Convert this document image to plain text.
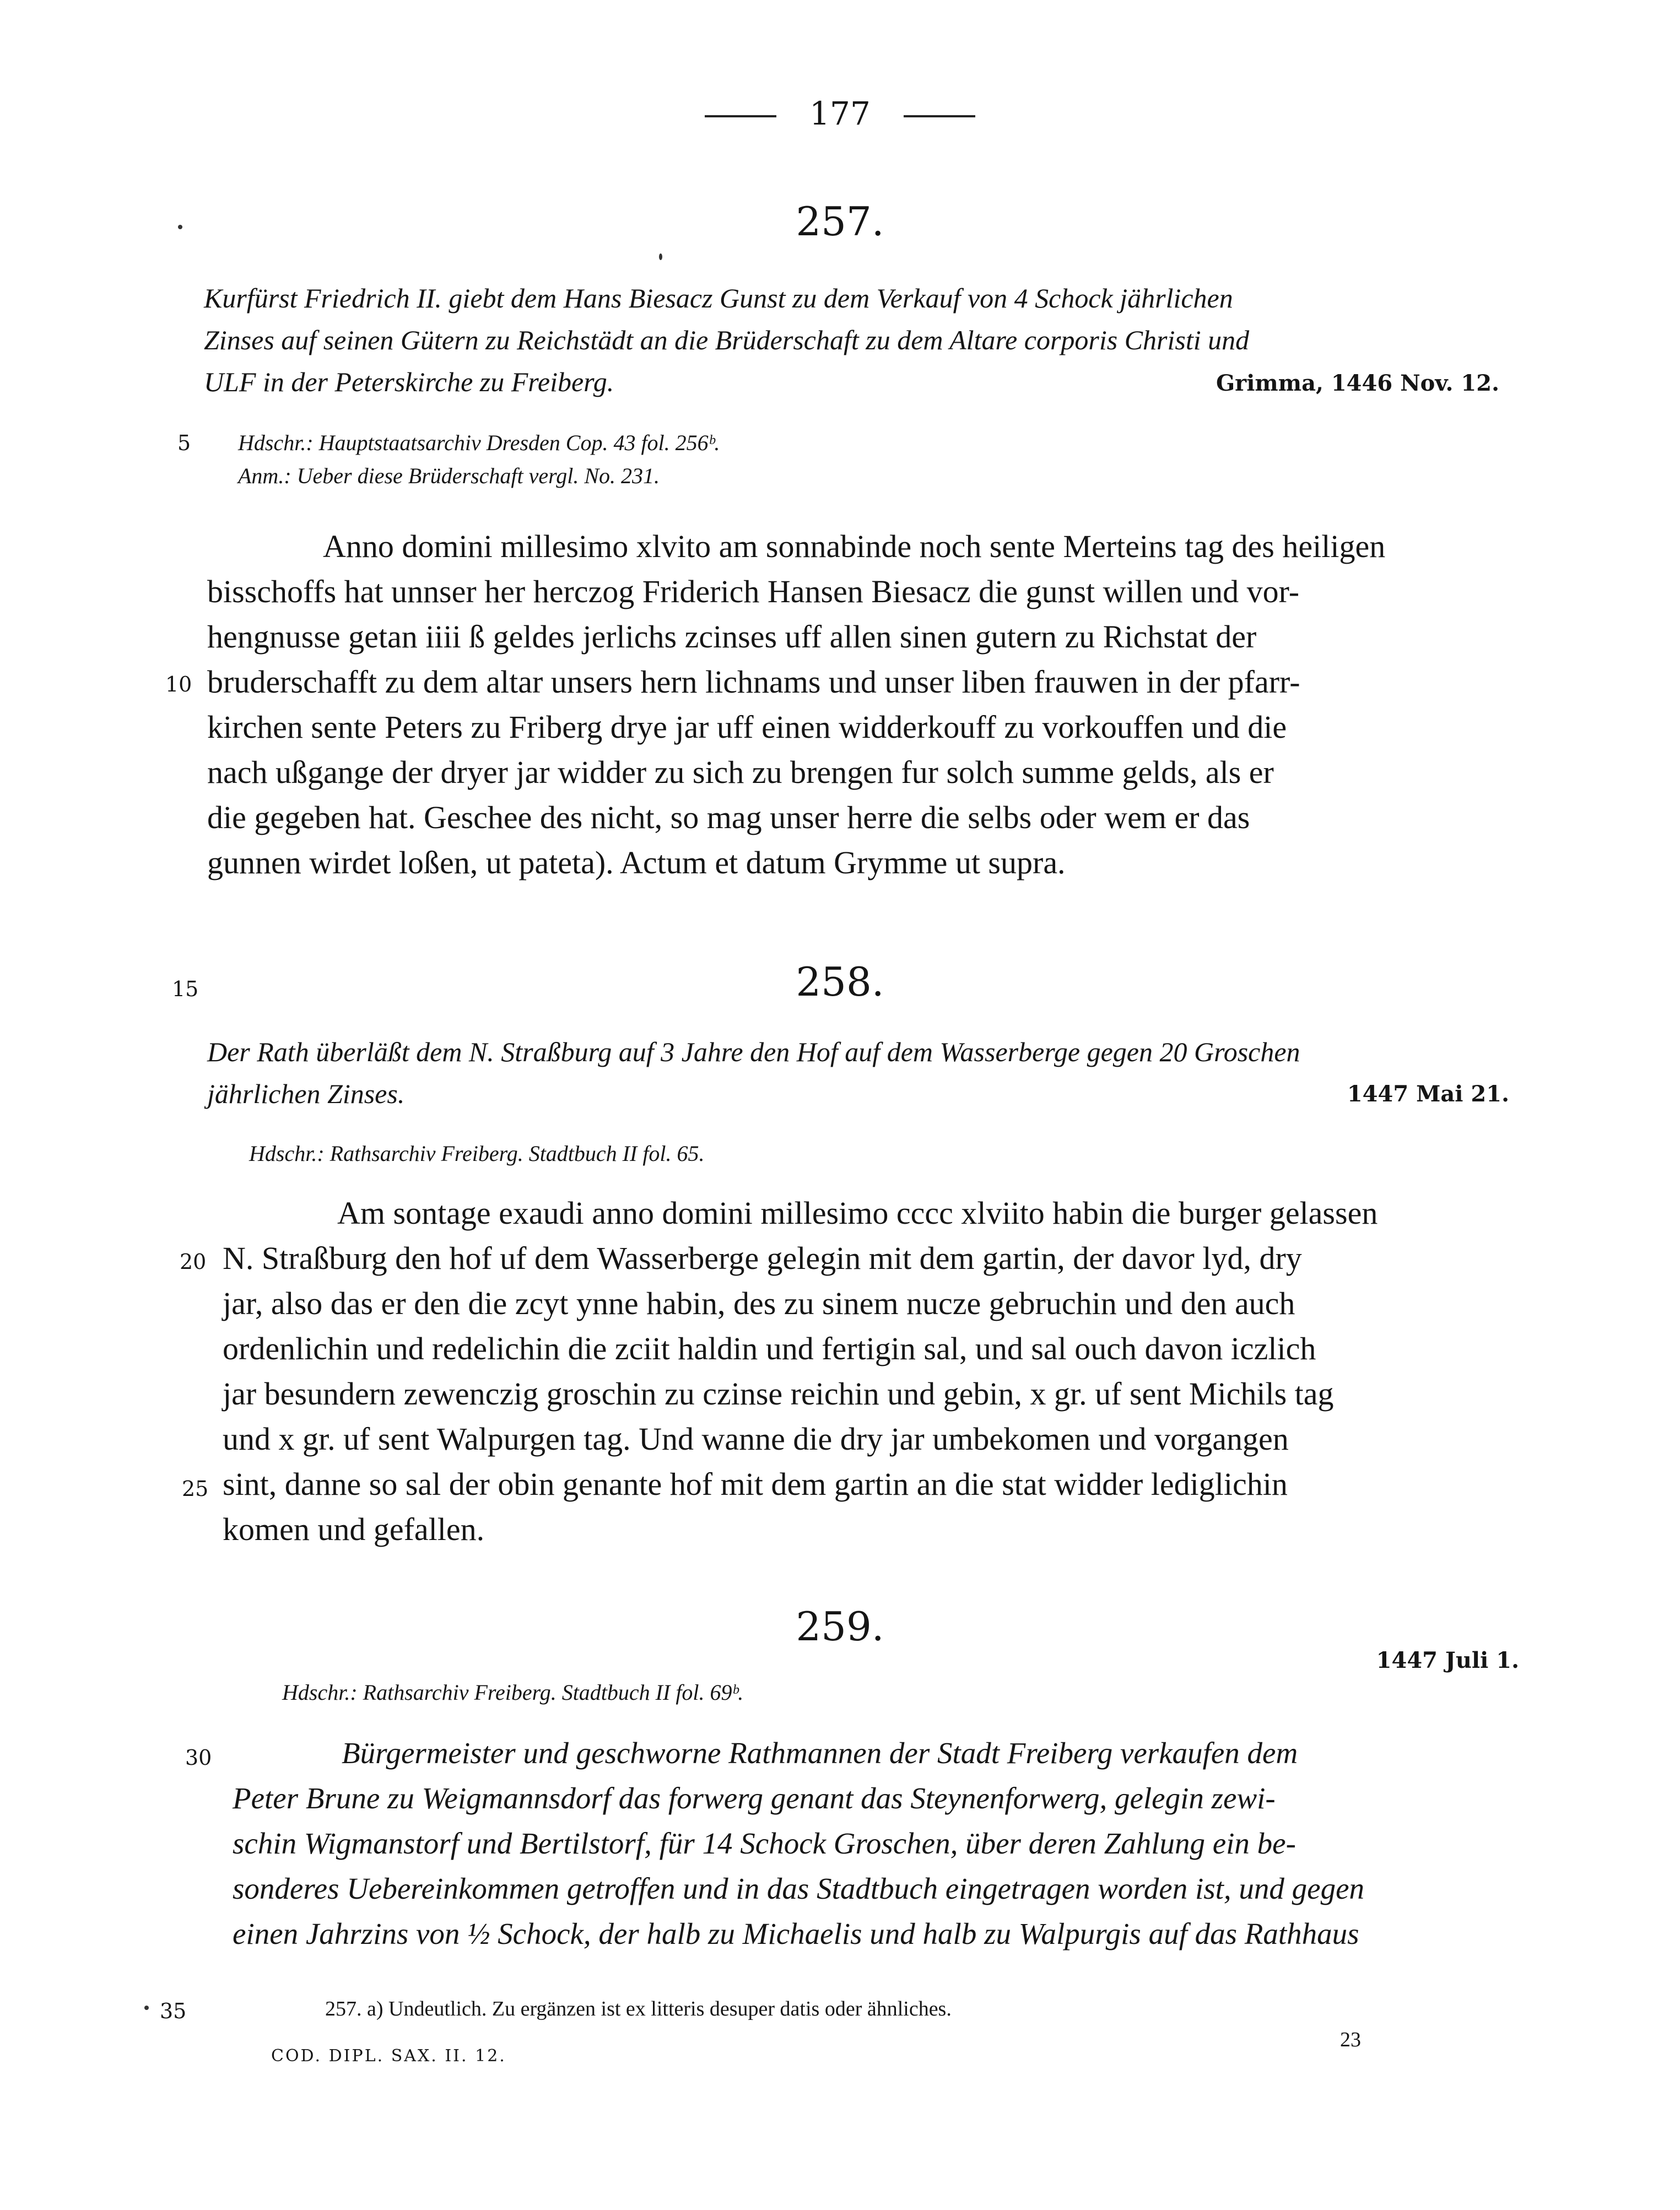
177
257.
Kurfürst Friedrich II. giebt dem Hans Biesacz Gunst zu dem Verkauf von 4 Schock jährlichen
Zinses auf seinen Gütern zu Reichstädt an die Brüderschaft zu dem Altare corporis Christi und
ULF in der Peterskirche zu Freiberg.	Grimma, 1446 Nov. 12.
5 Hdschr.: Hauptstaatsarchiv Dresden Cop. 43 fol. 256ᵇ.
Anm.: Ueber diese Brüderschaft vergl. No. 231.
Anno domini millesimo xlvito am sonnabinde noch sente Merteins tag des heiligen
bisschoffs hat unnser her herczog Friderich Hansen Biesacz die gunst willen und vor-
hengnusse getan iiii ß geldes jerlichs zcinses uff allen sinen gutern zu Richstat der
10 bruderschafft zu dem altar unsers hern lichnams und unser liben frauwen in der pfarr-
kirchen sente Peters zu Friberg drye jar uff einen widderkouff zu vorkouffen und die
nach ußgange der dryer jar widder zu sich zu brengen fur solch summe gelds, als er
die gegeben hat. Geschee des nicht, so mag unser herre die selbs oder wem er das
gunnen wirdet loßen, ut pateta). Actum et datum Grymme ut supra.
15	258.
Der Rath überläßt dem N. Straßburg auf 3 Jahre den Hof auf dem Wasserberge gegen 20 Groschen
jährlichen Zinses.	1447 Mai 21.
Hdschr.: Rathsarchiv Freiberg. Stadtbuch II fol. 65.
Am sontage exaudi anno domini millesimo cccc xlviito habin die burger gelassen
20 N. Straßburg den hof uf dem Wasserberge gelegin mit dem gartin, der davor lyd, dry
jar, also das er den die zcyt ynne habin, des zu sinem nucze gebruchin und den auch
ordenlichin und redelichin die zciit haldin und fertigin sal, und sal ouch davon iczlich
jar besundern zewenczig groschin zu czinse reichin und gebin, x gr. uf sent Michils tag
und x gr. uf sent Walpurgen tag. Und wanne die dry jar umbekomen und vorgangen
25 sint, danne so sal der obin genante hof mit dem gartin an die stat widder lediglichin
komen und gefallen.
259.
1447 Juli 1.
Hdschr.: Rathsarchiv Freiberg. Stadtbuch II fol. 69ᵇ.
30	Bürgermeister und geschworne Rathmannen der Stadt Freiberg verkaufen dem
Peter Brune zu Weigmannsdorf das forwerg genant das Steynenforwerg, gelegin zewi-
schin Wigmanstorf und Bertilstorf, für 14 Schock Groschen, über deren Zahlung ein be-
sonderes Uebereinkommen getroffen und in das Stadtbuch eingetragen worden ist, und gegen
einen Jahrzins von ½ Schock, der halb zu Michaelis und halb zu Walpurgis auf das Rathhaus
35	257. a) Undeutlich. Zu ergänzen ist ex litteris desuper datis oder ähnliches.
COD. DIPL. SAX. II. 12.
23
